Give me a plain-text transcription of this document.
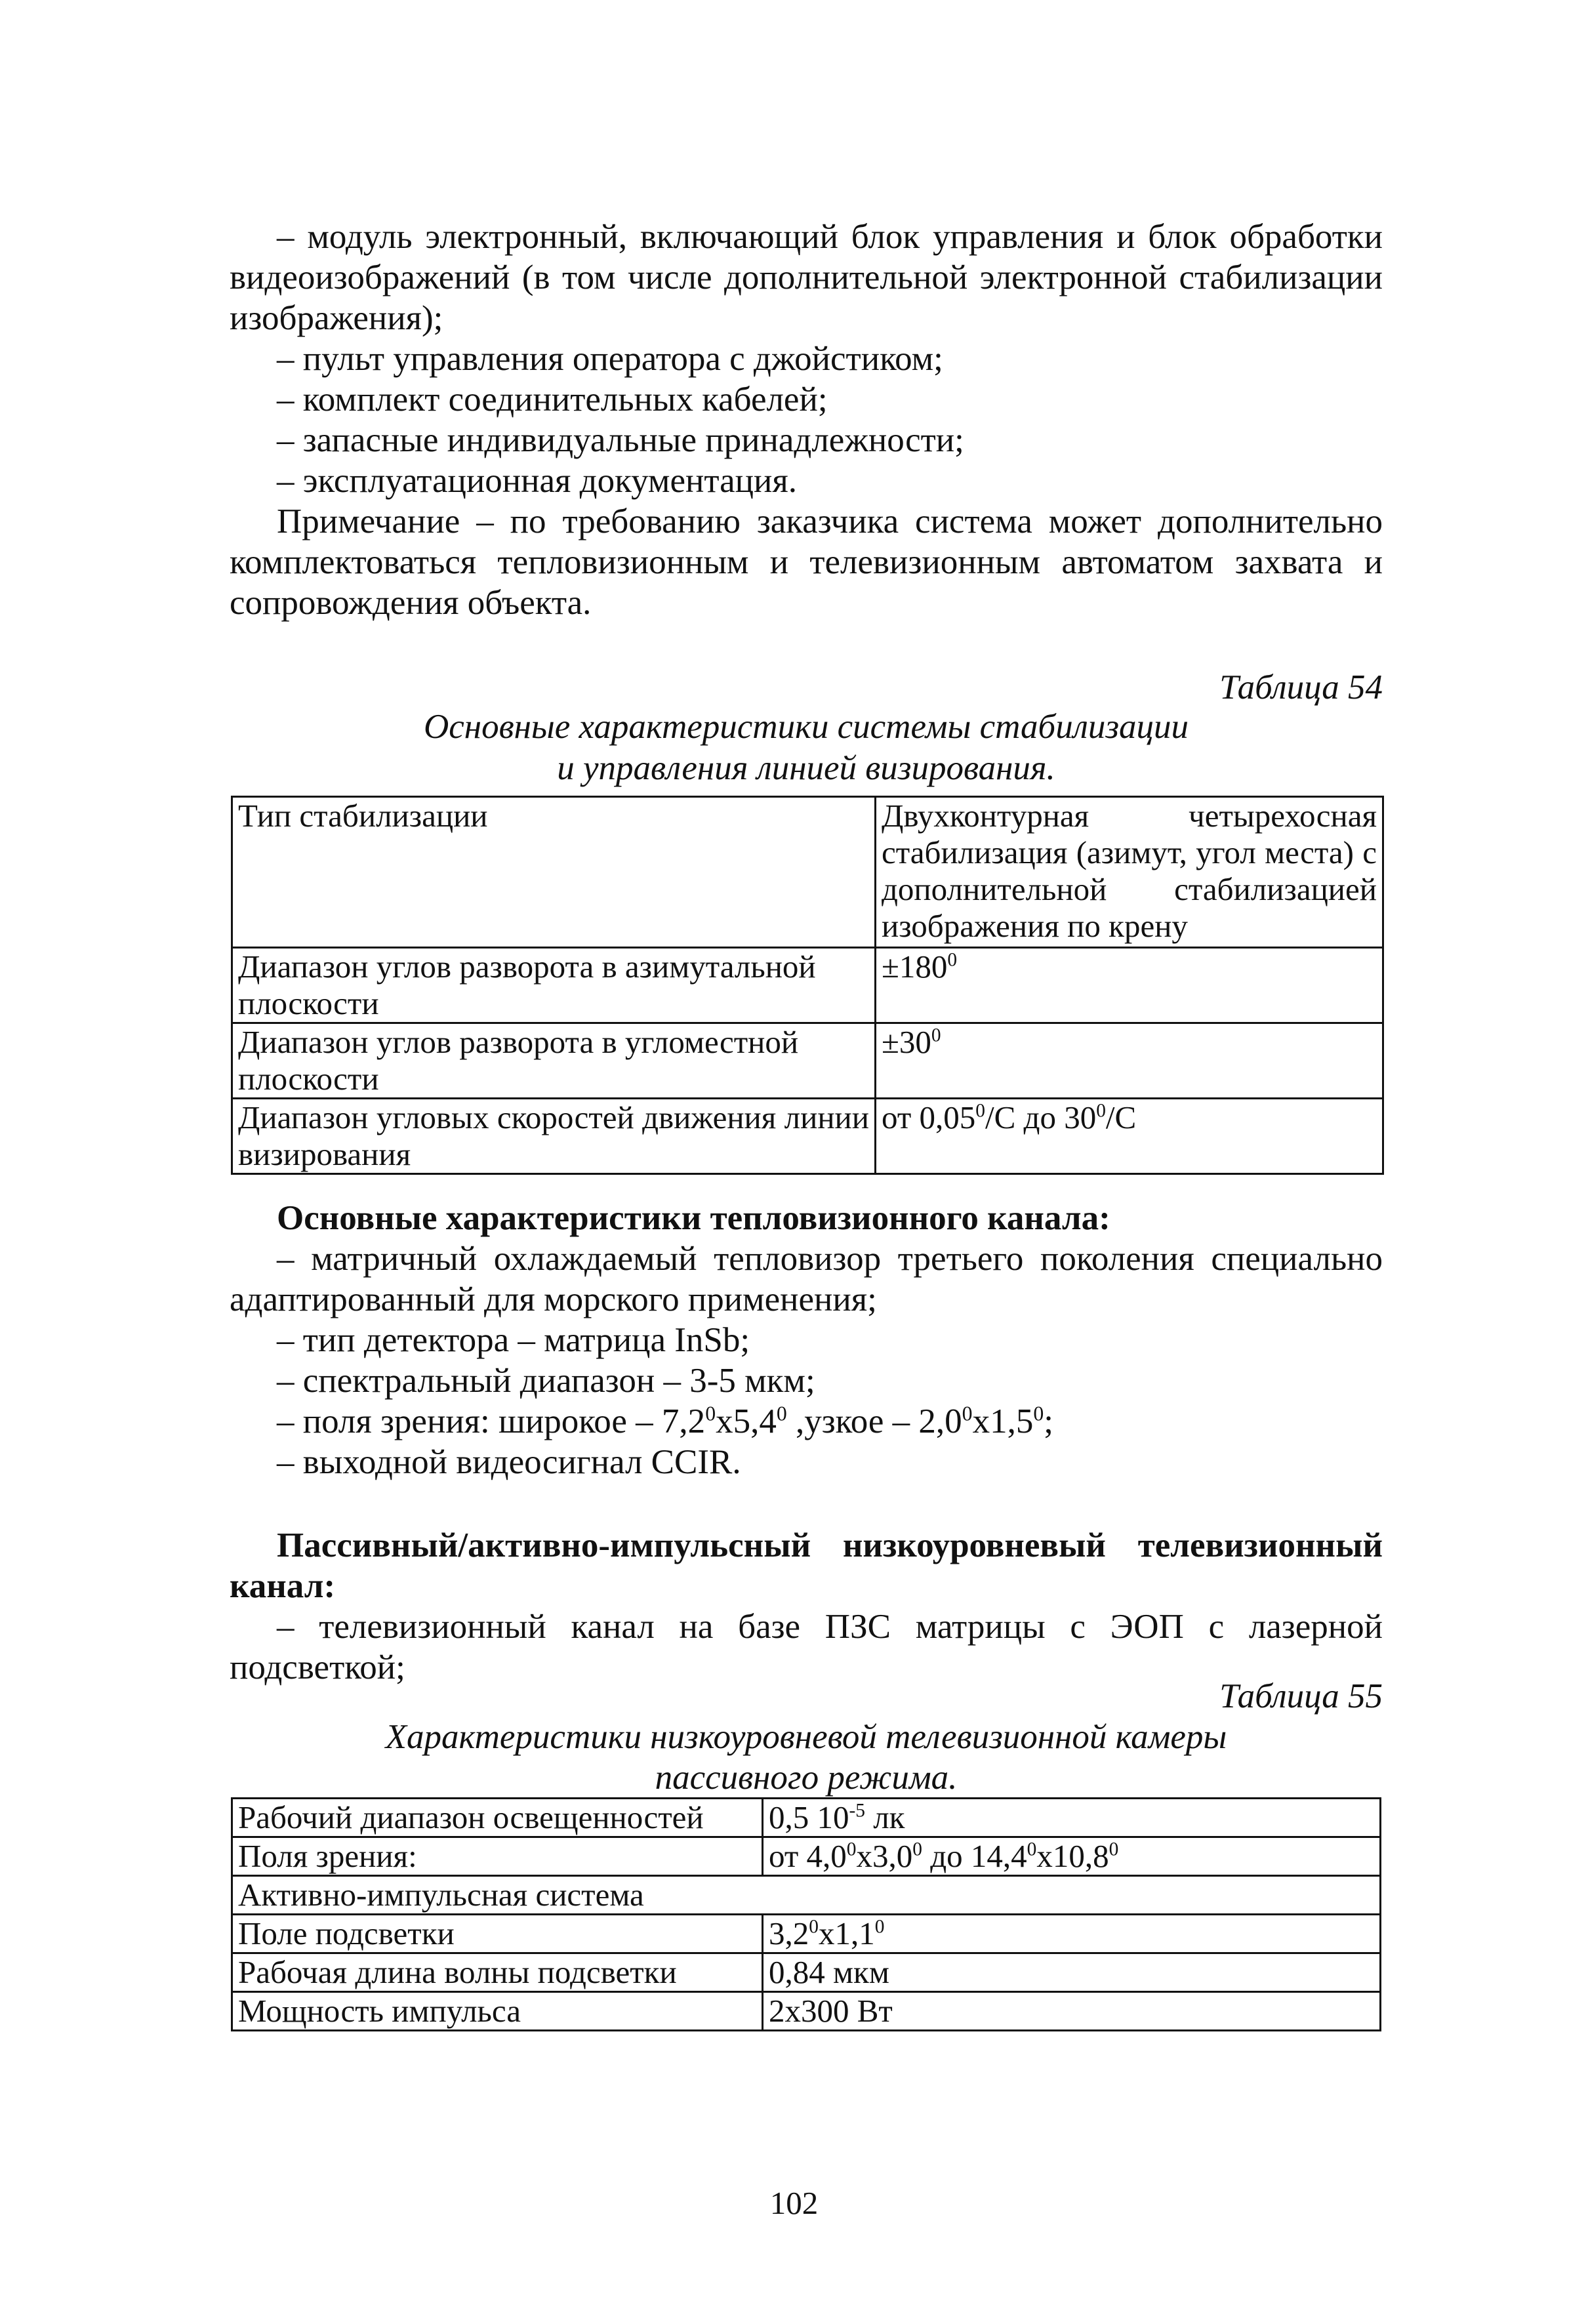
– модуль электронный, включающий блок управления и блок обработки видеоизображений (в том числе дополнительной электронной стабилизации изображения);

– пульт управления оператора с джойстиком;

– комплект соединительных кабелей;

– запасные индивидуальные принадлежности;

– эксплуатационная документация.

Примечание – по требованию заказчика система может дополнительно комплектоваться тепловизионным и телевизионным автоматом захвата и сопровождения объекта.

Таблица 54
Основные характеристики системы стабилизации
и управления линией визирования.
Тип стабилизации	Двухконтурная четырехосная стабилизация (азимут, угол места) с дополнительной стабилизацией изображения по крену
Диапазон углов разворота в азимутальной плоскости	$\pm 180^0$
Диапазон углов разворота в угломестной плоскости	$\pm 30^0$
Диапазон угловых скоростей движения линии визирования	от 0,05$^0$/С до $30^0/С$

Основные характеристики тепловизионного канала:

– матричный охлаждаемый тепловизор третьего поколения специально адаптированный для морского применения;

– тип детектора – матрица InSb;

– спектральный диапазон – 3-5 мкм;

– поля зрения: широкое – $7,2^0х5,4^0$ ,узкое – $2,0^0х1,5^0$;

– выходной видеосигнал CCIR.

Пассивный/активно-импульсный низкоуровневый телевизионный канал:

– телевизионный канал на базе ПЗС матрицы с ЭОП с лазерной подсветкой;

Таблица 55
Характеристики низкоуровневой телевизионной камеры
пассивного режима.
Рабочий диапазон освещенностей	0,5 $10^{-5}$ лк
Поля зрения:	от $4,0^0х3,0^0$ до 14,4$^0$х10,8$^0$
Активно-импульсная система	
Поле подсветки	$3,2^0х1,1^0$
Рабочая длина волны подсветки	0,84 мкм
Мощность импульса	2х300 Вт
102
